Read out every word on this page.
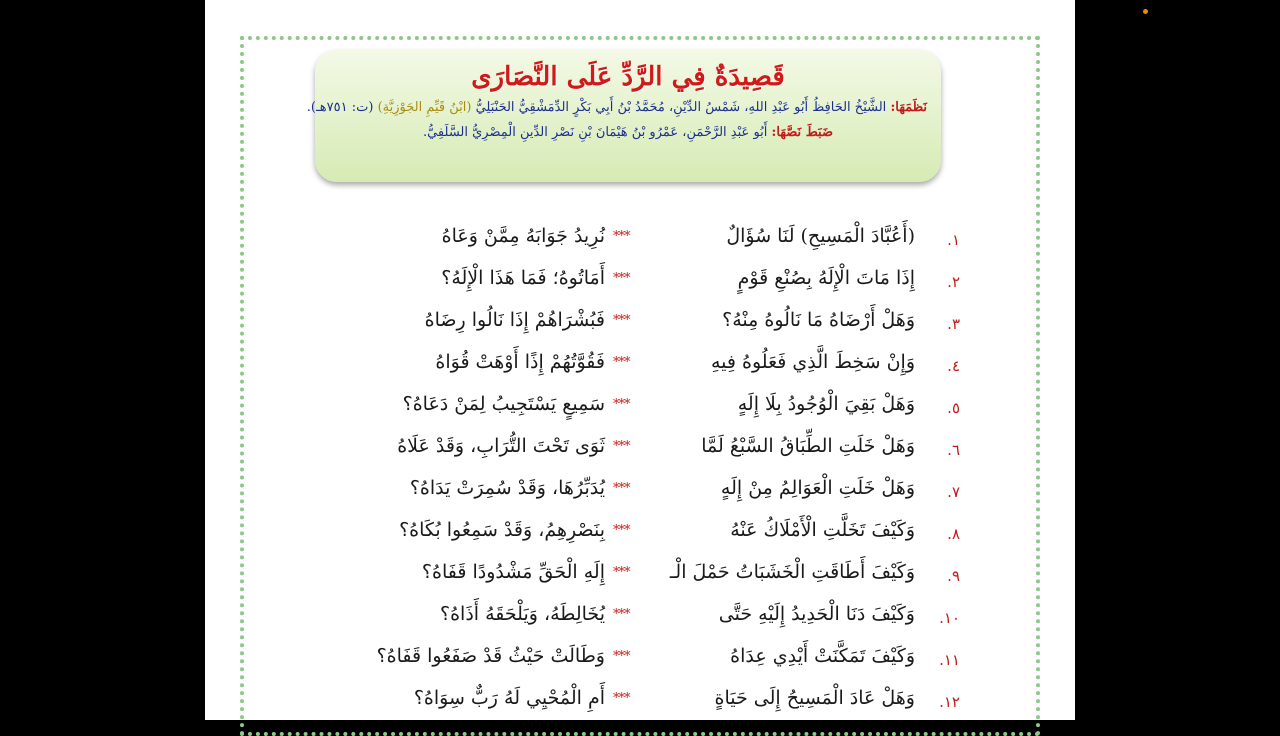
قَصِيدَةٌ فِي الرَّدِّ عَلَى النَّصَارَى
نَظَمَهَا: الشَّيْخُ الحَافِظُ أَبُو عَبْدِ اللهِ، شَمْسُ الدِّيْنِ، مُحَمَّدُ بْنُ أَبِي بَكْرٍ الدِّمَشْقِيُّ الحَنْبَلِيُّ (ابْنُ قَيِّمِ الجَوْزِيَّةِ) (ت: ٧٥١هـ).
ضَبَطَ نَصَّهَا: أَبُو عَبْدِ الرَّحْمَنِ، عَمْرُو بْنُ هَيْمَانَ بْنِ نَصْرِ الدِّينِ الْمِصْرِيُّ السَّلَفِيُّ.
١.
(أَعُبَّادَ الْمَسِيحِ) لَنَا سُؤَالٌ
***
نُرِيدُ جَوَابَهُ مِمَّنْ وَعَاهُ
٢.
إِذَا مَاتَ الْإِلَهُ بِصُنْعِ قَوْمٍ
***
أَمَاتُوهُ؛ فَمَا هَذَا الْإِلَهُ؟
٣.
وَهَلْ أَرْضَاهُ مَا نَالُوهُ مِنْهُ؟
***
فَبُشْرَاهُمْ إِذَا نَالُوا رِضَاهُ
٤.
وَإِنْ سَخِطَ الَّذِي فَعَلُوهُ فِيهِ
***
فَقُوَّتُهُمْ إِذًا أَوْهَتْ قُوَاهُ
٥.
وَهَلْ بَقِيَ الْوُجُودُ بِلَا إِلَهٍ
***
سَمِيعٍ يَسْتَجِيبُ لِمَنْ دَعَاهُ؟
٦.
وَهَلْ خَلَتِ الطِّبَاقُ السَّبْعُ لَمَّا
***
ثَوَى تَحْتَ التُّرَابِ، وَقَدْ عَلَاهُ
٧.
وَهَلْ خَلَتِ الْعَوَالِمُ مِنْ إِلَهٍ
***
يُدَبِّرُهَا، وَقَدْ سُمِرَتْ يَدَاهُ؟
٨.
وَكَيْفَ تَخَلَّتِ الْأَمْلَاكُ عَنْهُ
***
بِنَصْرِهِمُ، وَقَدْ سَمِعُوا بُكَاهُ؟
٩.
وَكَيْفَ أَطَاقَتِ الْخَشَبَاتُ حَمْلَ الْـ
***
إِلَهِ الْحَقِّ مَشْدُودًا قَفَاهُ؟
١٠.
وَكَيْفَ دَنَا الْحَدِيدُ إِلَيْهِ حَتَّى
***
يُخَالِطَهُ، وَيَلْحَقَهُ أَذَاهُ؟
١١.
وَكَيْفَ تَمَكَّنَتْ أَيْدِي عِدَاهُ
***
وَطَالَتْ حَيْثُ قَدْ صَفَعُوا قَفَاهُ؟
١٢.
وَهَلْ عَادَ الْمَسِيحُ إِلَى حَيَاةٍ
***
أَمِ الْمُحْيِي لَهُ رَبٌّ سِوَاهُ؟
